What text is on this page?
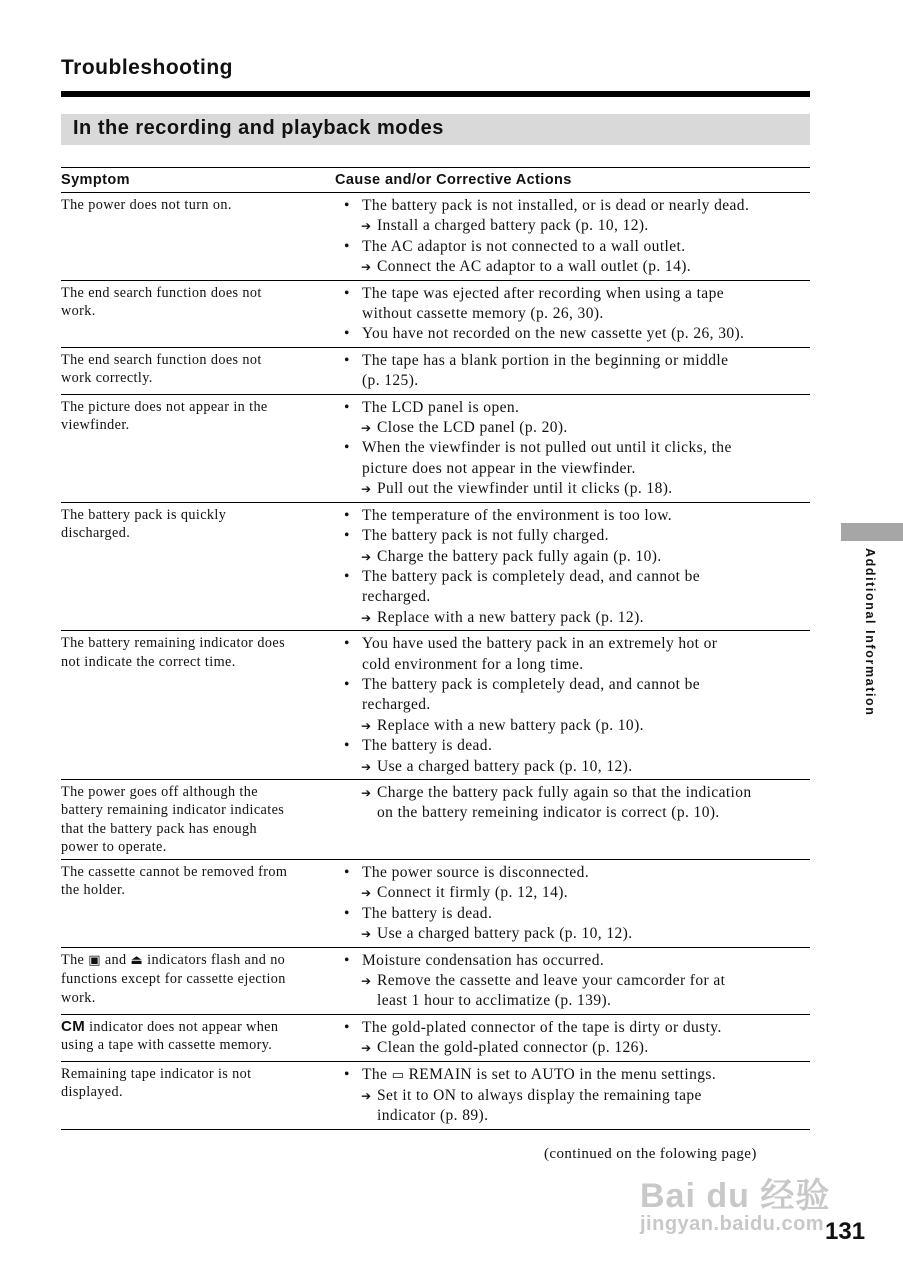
Troubleshooting
In the recording and playback modes
Symptom	Cause and/or Corrective Actions
The power does not turn on.
•	The battery pack is not installed, or is dead or nearly dead.
➔ Install a charged battery pack (p. 10, 12).
• The AC adaptor is not connected to a wall outlet.
➔ Connect the AC adaptor to a wall outlet (p. 14).
The end search function does not
work.
• The tape was ejected after recording when using a tape
without cassette memory (p. 26, 30).
• You have not recorded on the new cassette yet (p. 26, 30).
The end search function does not
work correctly.
• The tape has a blank portion in the beginning or middle
(p. 125).
The picture does not appear in the
viewfinder.
• The LCD panel is open.
➔ Close the LCD panel (p. 20).
• When the viewfinder is not pulled out until it clicks, the
picture does not appear in the viewfinder.
➔ Pull out the viewfinder until it clicks (p. 18).
The battery pack is quickly
discharged.
• The temperature of the environment is too low.
• The battery pack is not fully charged.
➔ Charge the battery pack fully again (p. 10).
• The battery pack is completely dead, and cannot be
recharged.
➔ Replace with a new battery pack (p. 12).
The battery remaining indicator does
not indicate the correct time.
• You have used the battery pack in an extremely hot or
cold environment for a long time.
• The battery pack is completely dead, and cannot be
recharged.
➔ Replace with a new battery pack (p. 10).
• The battery is dead.
➔ Use a charged battery pack (p. 10, 12).
The power goes off although the
battery remaining indicator indicates
that the battery pack has enough
power to operate.
➔ Charge the battery pack fully again so that the indication
on the battery remeining indicator is correct (p. 10).
The cassette cannot be removed from
the holder.
• The power source is disconnected.
➔ Connect it firmly (p. 12, 14).
• The battery is dead.
➔ Use a charged battery pack (p. 10, 12).
The ▣ and ⏏ indicators flash and no
functions except for cassette ejection
work.
• Moisture condensation has occurred.
➔ Remove the cassette and leave your camcorder for at
least 1 hour to acclimatize (p. 139).
CM indicator does not appear when
using a tape with cassette memory.
• The gold-plated connector of the tape is dirty or dusty.
➔ Clean the gold-plated connector (p. 126).
Remaining tape indicator is not
displayed.
• The ▭ REMAIN is set to AUTO in the menu settings.
➔ Set it to ON to always display the remaining tape
indicator (p. 89).
Additional Information
(continued on the folowing page)
Bai du 经验
jingyan.baidu.com 131
